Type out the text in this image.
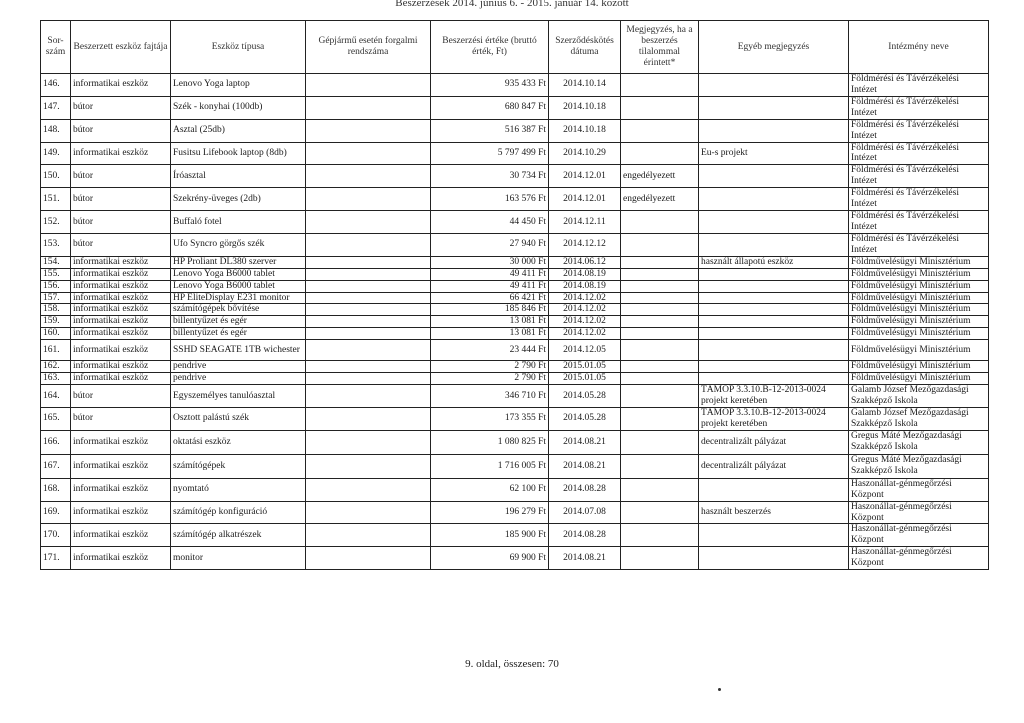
Beszerzések 2014. június 6. - 2015. január 14. között
Sor-szám	Beszerzett eszköz fajtája	Eszköz típusa	Gépjármű esetén forgalmi rendszáma	Beszerzési értéke (bruttó érték, Ft)	Szerződéskötés dátuma	Megjegyzés, ha a beszerzés tilalommal érintett*	Egyéb megjegyzés	Intézmény neve
146.	informatikai eszköz	Lenovo Yoga laptop		935 433 Ft	2014.10.14			Földmérési és Távérzékelési Intézet
147.	bútor	Szék - konyhai (100db)		680 847 Ft	2014.10.18			Földmérési és Távérzékelési Intézet
148.	bútor	Asztal (25db)		516 387 Ft	2014.10.18			Földmérési és Távérzékelési Intézet
149.	informatikai eszköz	Fusitsu Lifebook laptop (8db)		5 797 499 Ft	2014.10.29		Eu-s projekt	Földmérési és Távérzékelési Intézet
150.	bútor	Íróasztal		30 734 Ft	2014.12.01	engedélyezett		Földmérési és Távérzékelési Intézet
151.	bútor	Szekrény-üveges (2db)		163 576 Ft	2014.12.01	engedélyezett		Földmérési és Távérzékelési Intézet
152.	bútor	Buffaló fotel		44 450 Ft	2014.12.11			Földmérési és Távérzékelési Intézet
153.	bútor	Ufo Syncro görgős szék		27 940 Ft	2014.12.12			Földmérési és Távérzékelési Intézet
154.	informatikai eszköz	HP Proliant DL380 szerver		30 000 Ft	2014.06.12		használt állapotú eszköz	Földművelésügyi Minisztérium
155.	informatikai eszköz	Lenovo Yoga B6000 tablet		49 411 Ft	2014.08.19			Földművelésügyi Minisztérium
156.	informatikai eszköz	Lenovo Yoga B6000 tablet		49 411 Ft	2014.08.19			Földművelésügyi Minisztérium
157.	informatikai eszköz	HP EliteDisplay E231 monitor		66 421 Ft	2014.12.02			Földművelésügyi Minisztérium
158.	informatikai eszköz	számítógépek bővítése		185 846 Ft	2014.12.02			Földművelésügyi Minisztérium
159.	informatikai eszköz	billentyűzet és egér		13 081 Ft	2014.12.02			Földművelésügyi Minisztérium
160.	informatikai eszköz	billentyűzet és egér		13 081 Ft	2014.12.02			Földművelésügyi Minisztérium
161.	informatikai eszköz	SSHD SEAGATE 1TB wichester		23 444 Ft	2014.12.05			Földművelésügyi Minisztérium
162.	informatikai eszköz	pendrive		2 790 Ft	2015.01.05			Földművelésügyi Minisztérium
163.	informatikai eszköz	pendrive		2 790 Ft	2015.01.05			Földművelésügyi Minisztérium
164.	bútor	Egyszemélyes tanulóasztal		346 710 Ft	2014.05.28		TÁMOP 3.3.10.B-12-2013-0024 projekt keretében	Galamb József Mezőgazdasági Szakképző Iskola
165.	bútor	Osztott palástú szék		173 355 Ft	2014.05.28		TÁMOP 3.3.10.B-12-2013-0024 projekt keretében	Galamb József Mezőgazdasági Szakképző Iskola
166.	informatikai eszköz	oktatási eszköz		1 080 825 Ft	2014.08.21		decentralizált pályázat	Gregus Máté Mezőgazdasági Szakképző Iskola
167.	informatikai eszköz	számítógépek		1 716 005 Ft	2014.08.21		decentralizált pályázat	Gregus Máté Mezőgazdasági Szakképző Iskola
168.	informatikai eszköz	nyomtató		62 100 Ft	2014.08.28			Haszonállat-génmegőrzési Központ
169.	informatikai eszköz	számítógép konfiguráció		196 279 Ft	2014.07.08		használt beszerzés	Haszonállat-génmegőrzési Központ
170.	informatikai eszköz	számítógép alkatrészek		185 900 Ft	2014.08.28			Haszonállat-génmegőrzési Központ
171.	informatikai eszköz	monitor		69 900 Ft	2014.08.21			Haszonállat-génmegőrzési Központ
9. oldal, összesen: 70
